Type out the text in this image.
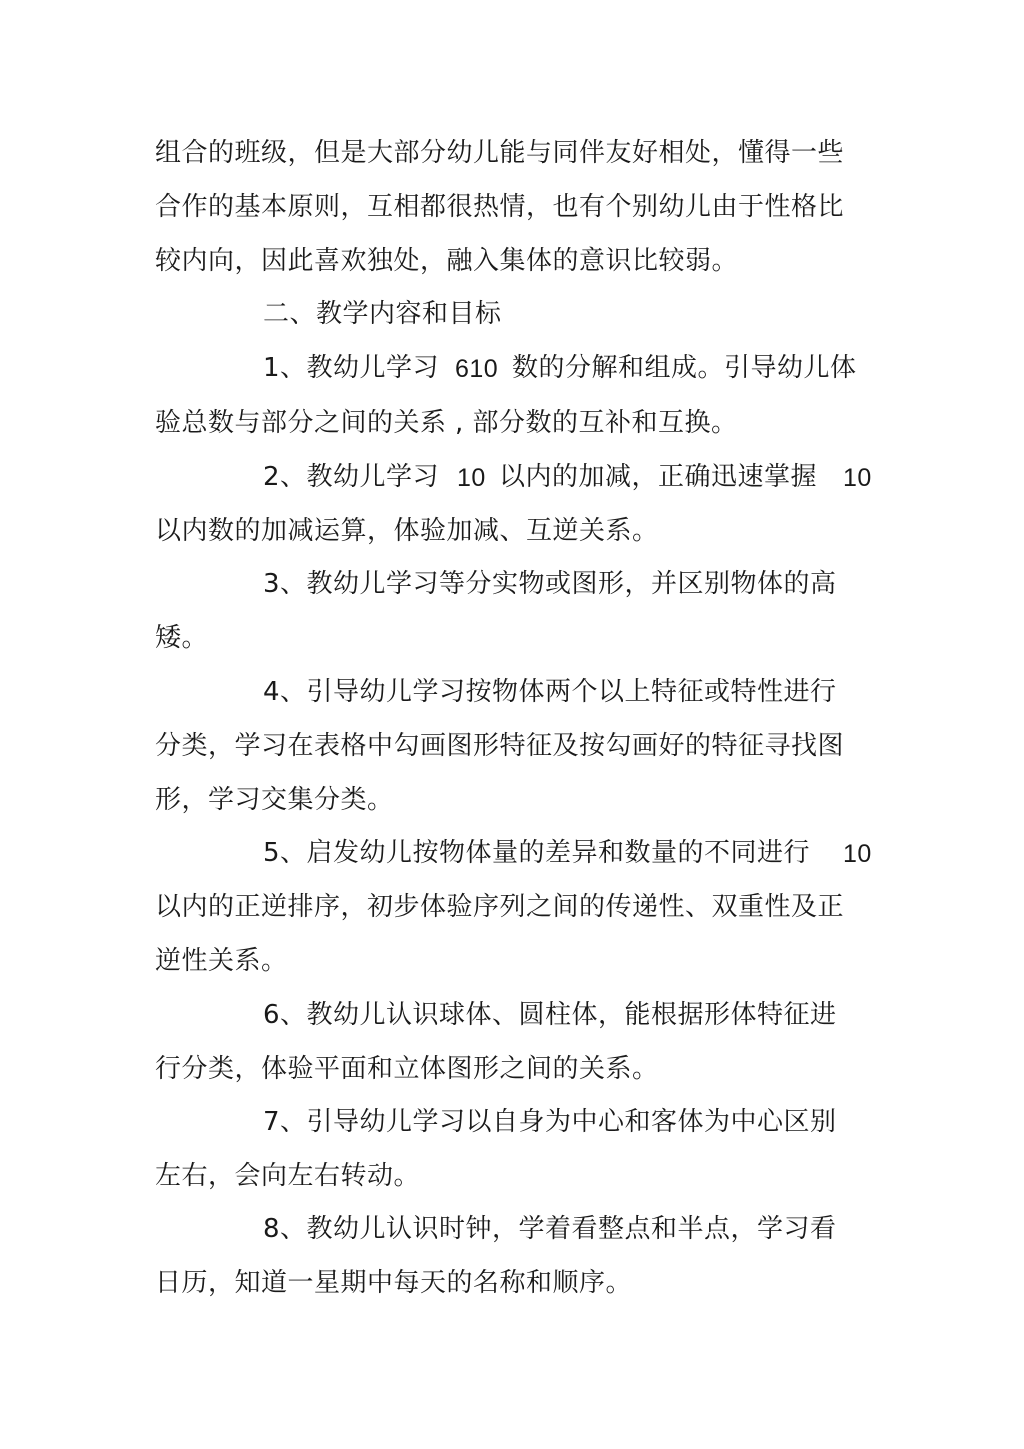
组合的班级，但是大部分幼儿能与同伴友好相处，懂得一些
合作的基本原则，互相都很热情，也有个别幼儿由于性格比
较内向，因此喜欢独处，融入集体的意识比较弱。
二、教学内容和目标
1、教幼儿学习 610 数的分解和组成。引导幼儿体
验总数与部分之间的关系 , 部分数的互补和互换。
2、教幼儿学习 10 以内的加减，正确迅速掌握 10
以内数的加减运算，体验加减、互逆关系。
3、教幼儿学习等分实物或图形，并区别物体的高
矮。
4、引导幼儿学习按物体两个以上特征或特性进行
分类，学习在表格中勾画图形特征及按勾画好的特征寻找图
形，学习交集分类。
5、启发幼儿按物体量的差异和数量的不同进行 10
以内的正逆排序，初步体验序列之间的传递性、双重性及正
逆性关系。
6、教幼儿认识球体、圆柱体，能根据形体特征进
行分类，体验平面和立体图形之间的关系。
7、引导幼儿学习以自身为中心和客体为中心区别
左右，会向左右转动。
8、教幼儿认识时钟，学着看整点和半点，学习看
日历，知道一星期中每天的名称和顺序。
